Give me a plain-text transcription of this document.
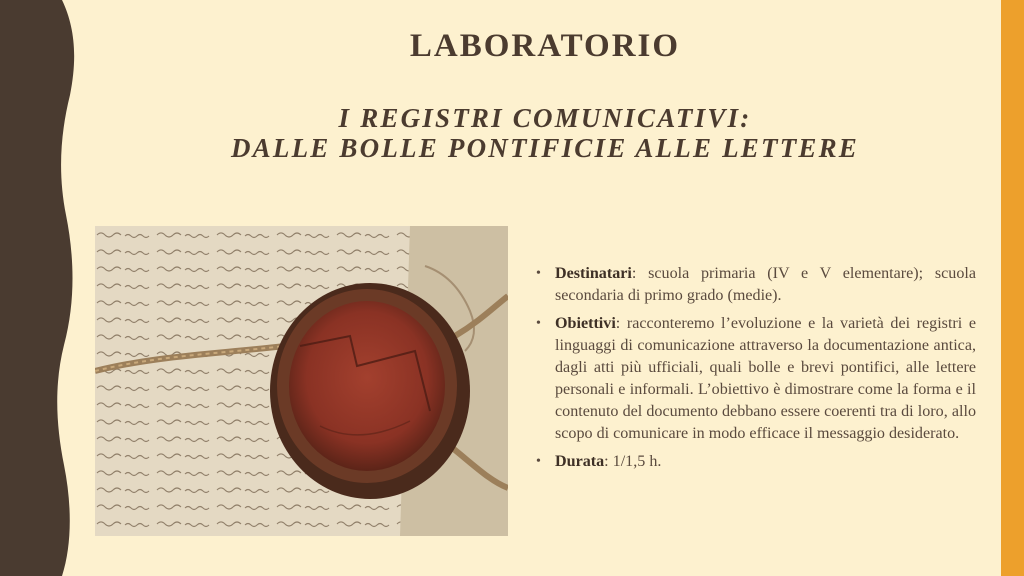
LABORATORIO
I REGISTRI COMUNICATIVI:
DALLE BOLLE PONTIFICIE ALLE LETTERE
• Destinatari: scuola primaria (IV e V elementare); scuola secondaria di primo grado (medie).
• Obiettivi: racconteremo l’evoluzione e la varietà dei registri e linguaggi di comunicazione attraverso la documentazione antica, dagli atti più ufficiali, quali bolle e brevi pontifici, alle lettere personali e informali. L’obiettivo è dimostrare come la forma e il contenuto del documento debbano essere coerenti tra di loro, allo scopo di comunicare in modo efficace il messaggio desiderato.
• Durata: 1/1,5 h.
